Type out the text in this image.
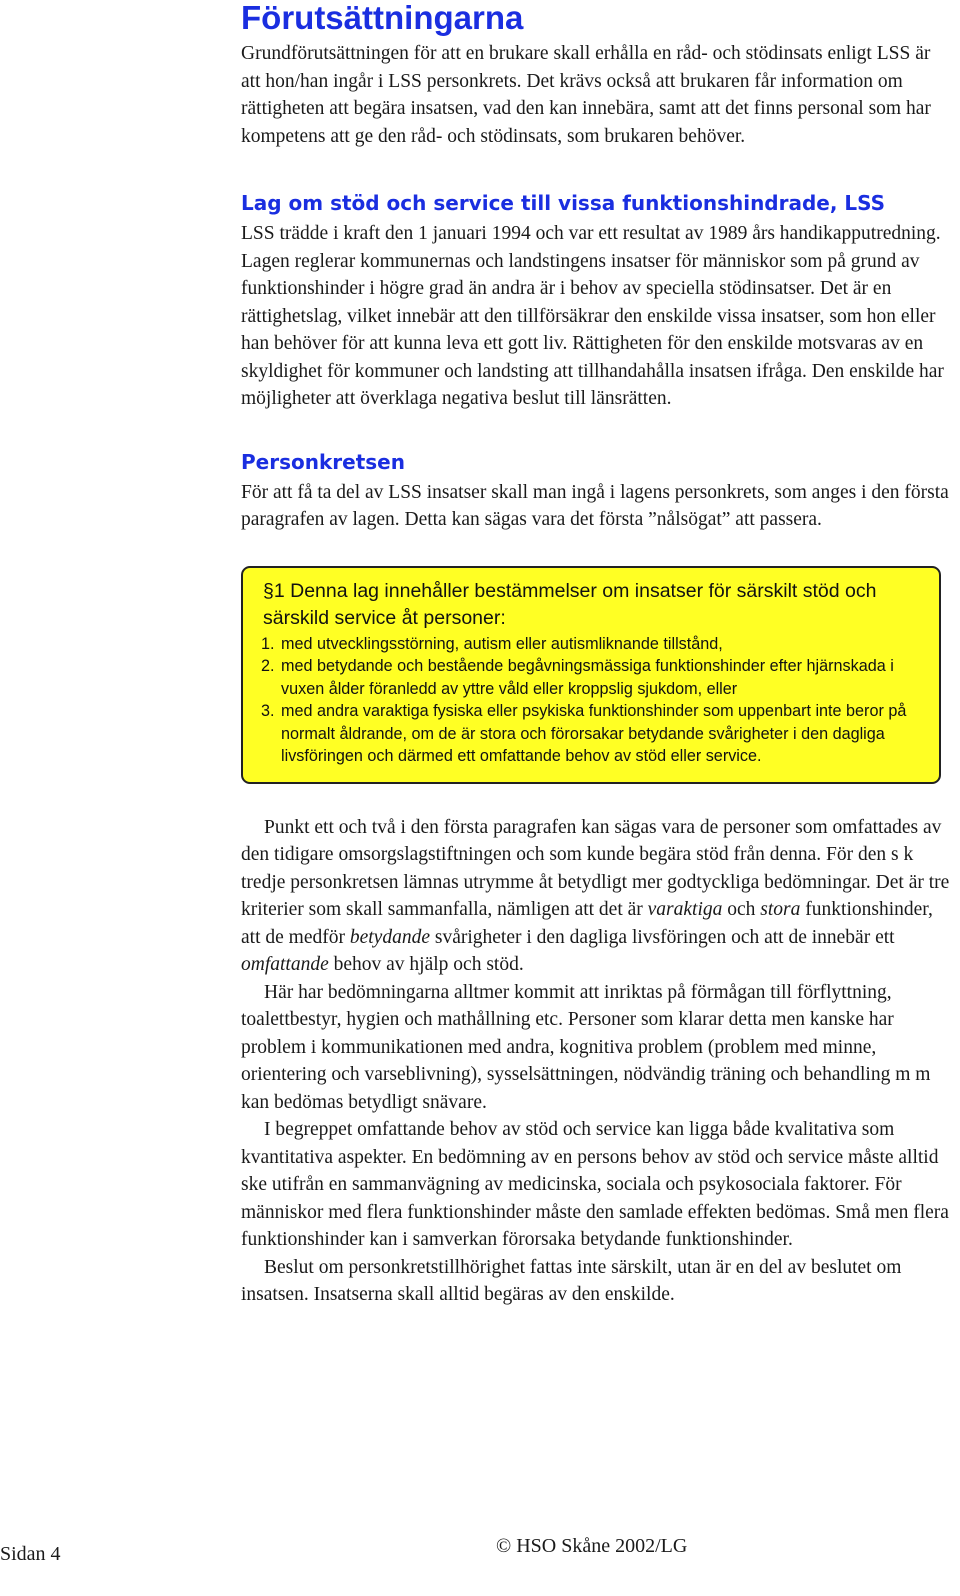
Förutsättningarna

Grundförutsättningen för att en brukare skall erhålla en råd- och stödinsats enligt LSS är att hon/han ingår i LSS personkrets. Det krävs också att brukaren får information om rättigheten att begära insatsen, vad den kan innebära, samt att det finns personal som har kompetens att ge den råd- och stödinsats, som brukaren behöver.

Lag om stöd och service till vissa funktionshindrade, LSS

LSS trädde i kraft den 1 januari 1994 och var ett resultat av 1989 års handikapputredning. Lagen reglerar kommunernas och landstingens insatser för människor som på grund av funktionshinder i högre grad än andra är i behov av speciella stödinsatser. Det är en rättighetslag, vilket innebär att den tillförsäkrar den enskilde vissa insatser, som hon eller han behöver för att kunna leva ett gott liv. Rättigheten för den enskilde motsvaras av en skyldighet för kommuner och landsting att tillhandahålla insatsen ifråga. Den enskilde har möjligheter att överklaga negativa beslut till länsrätten.

Personkretsen

För att få ta del av LSS insatser skall man ingå i lagens personkrets, som anges i den första paragrafen av lagen. Detta kan sägas vara det första ”nålsögat” att passera.

§1 Denna lag innehåller bestämmelser om insatser för särskilt stöd och särskild service åt personer:

1. med utvecklingsstörning, autism eller autismliknande tillstånd,
2. med betydande och bestående begåvningsmässiga funktionshinder efter hjärnskada i vuxen ålder föranledd av yttre våld eller kroppslig sjukdom, eller
3. med andra varaktiga fysiska eller psykiska funktionshinder som uppenbart inte beror på normalt åldrande, om de är stora och förorsakar betydande svårigheter i den dagliga livsföringen och därmed ett omfattande behov av stöd eller service.

Punkt ett och två i den första paragrafen kan sägas vara de personer som omfattades av den tidigare omsorgslagstiftningen och som kunde begära stöd från denna. För den s k tredje personkretsen lämnas utrymme åt betydligt mer godtyckliga bedömningar. Det är tre kriterier som skall sammanfalla, nämligen att det är varaktiga och stora funktionshinder, att de medför betydande svårigheter i den dagliga livsföringen och att de innebär ett omfattande behov av hjälp och stöd.

Här har bedömningarna alltmer kommit att inriktas på förmågan till förflyttning, toalettbestyr, hygien och mathållning etc. Personer som klarar detta men kanske har problem i kommunikationen med andra, kognitiva problem (problem med minne, orientering och varseblivning), sysselsättningen, nödvändig träning och behandling m m kan bedömas betydligt snävare.

I begreppet omfattande behov av stöd och service kan ligga både kvalitativa som kvantitativa aspekter. En bedömning av en persons behov av stöd och service måste alltid ske utifrån en sammanvägning av medicinska, sociala och psykosociala faktorer. För människor med flera funktionshinder måste den samlade effekten bedömas. Små men flera funktionshinder kan i samverkan förorsaka betydande funktionshinder.

Beslut om personkretstillhörighet fattas inte särskilt, utan är en del av beslutet om insatsen. Insatserna skall alltid begäras av den enskilde.

Sidan 4	© HSO Skåne 2002/LG
